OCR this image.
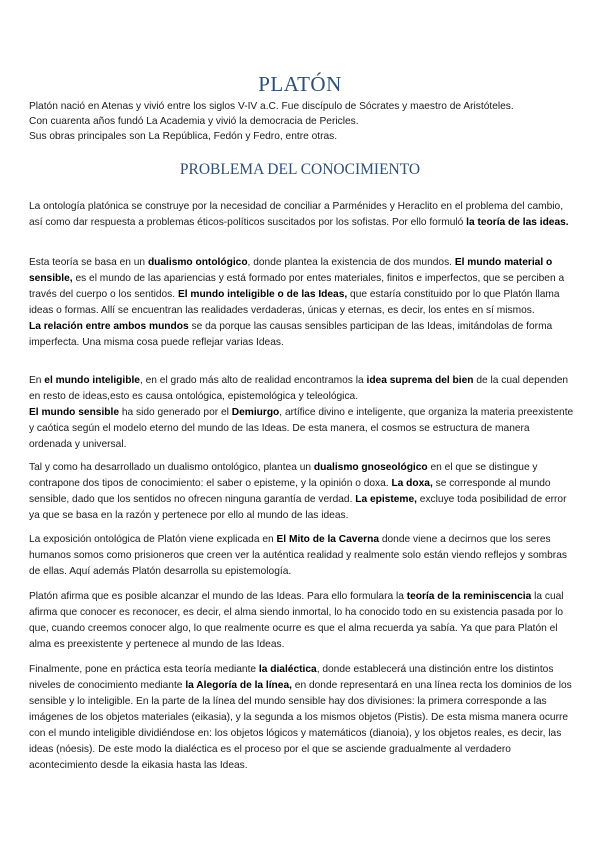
PLATÓN
Platón nació en Atenas y vivió entre los siglos V-IV a.C. Fue discípulo de Sócrates y maestro de Aristóteles.
Con cuarenta años fundó La Academia y vivió la democracia de Pericles.
Sus obras principales son La República, Fedón y Fedro, entre otras.
PROBLEMA DEL CONOCIMIENTO
La ontología platónica se construye por la necesidad de conciliar a Parménides y Heraclito en el problema del cambio, así como dar respuesta a problemas éticos-políticos suscitados por los sofistas. Por ello formuló la teoría de las ideas.
Esta teoría se basa en un dualismo ontológico, donde plantea la existencia de dos mundos. El mundo material o sensible, es el mundo de las apariencias y está formado por entes materiales, finitos e imperfectos, que se perciben a través del cuerpo o los sentidos. El mundo inteligible o de las Ideas, que estaría constituido por lo que Platón llama ideas o formas. Allí se encuentran las realidades verdaderas, únicas y eternas, es decir, los entes en sí mismos.
La relación entre ambos mundos se da porque las causas sensibles participan de las Ideas, imitándolas de forma imperfecta. Una misma cosa puede reflejar varias Ideas.
En el mundo inteligible, en el grado más alto de realidad encontramos la idea suprema del bien de la cual dependen en resto de ideas,esto es causa ontológica, epistemológica y teleológica.
El mundo sensible ha sido generado por el Demiurgo, artífice divino e inteligente, que organiza la materia preexistente y caótica según el modelo eterno del mundo de las Ideas. De esta manera, el cosmos se estructura de manera ordenada y universal.
Tal y como ha desarrollado un dualismo ontológico, plantea un dualismo gnoseológico en el que se distingue y contrapone dos tipos de conocimiento: el saber o episteme, y la opinión o doxa. La doxa, se corresponde al mundo sensible, dado que los sentidos no ofrecen ninguna garantía de verdad. La episteme, excluye toda posibilidad de error ya que se basa en la razón y pertenece por ello al mundo de las ideas.
La exposición ontológica de Platón viene explicada en El Mito de la Caverna donde viene a decirnos que los seres humanos somos como prisioneros que creen ver la auténtica realidad y realmente solo están viendo reflejos y sombras de ellas. Aquí además Platón desarrolla su epistemología.
Platón afirma que es posible alcanzar el mundo de las Ideas. Para ello formulara la teoría de la reminiscencia la cual afirma que conocer es reconocer, es decir, el alma siendo inmortal, lo ha conocido todo en su existencia pasada por lo que, cuando creemos conocer algo, lo que realmente ocurre es que el alma recuerda ya sabía. Ya que para Platón el alma es preexistente y pertenece al mundo de las Ideas.
Finalmente, pone en práctica esta teoría mediante la dialéctica, donde establecerá una distinción entre los distintos niveles de conocimiento mediante la Alegoría de la línea, en donde representará en una línea recta los dominios de los sensible y lo inteligible. En la parte de la línea del mundo sensible hay dos divisiones: la primera corresponde a las imágenes de los objetos materiales (eikasia), y la segunda a los mismos objetos (Pistis). De esta misma manera ocurre con el mundo inteligible dividiéndose en: los objetos lógicos y matemáticos (dianoia), y los objetos reales, es decir, las ideas (nóesis). De este modo la dialéctica es el proceso por el que se asciende gradualmente al verdadero acontecimiento desde la eikasia hasta las Ideas.
